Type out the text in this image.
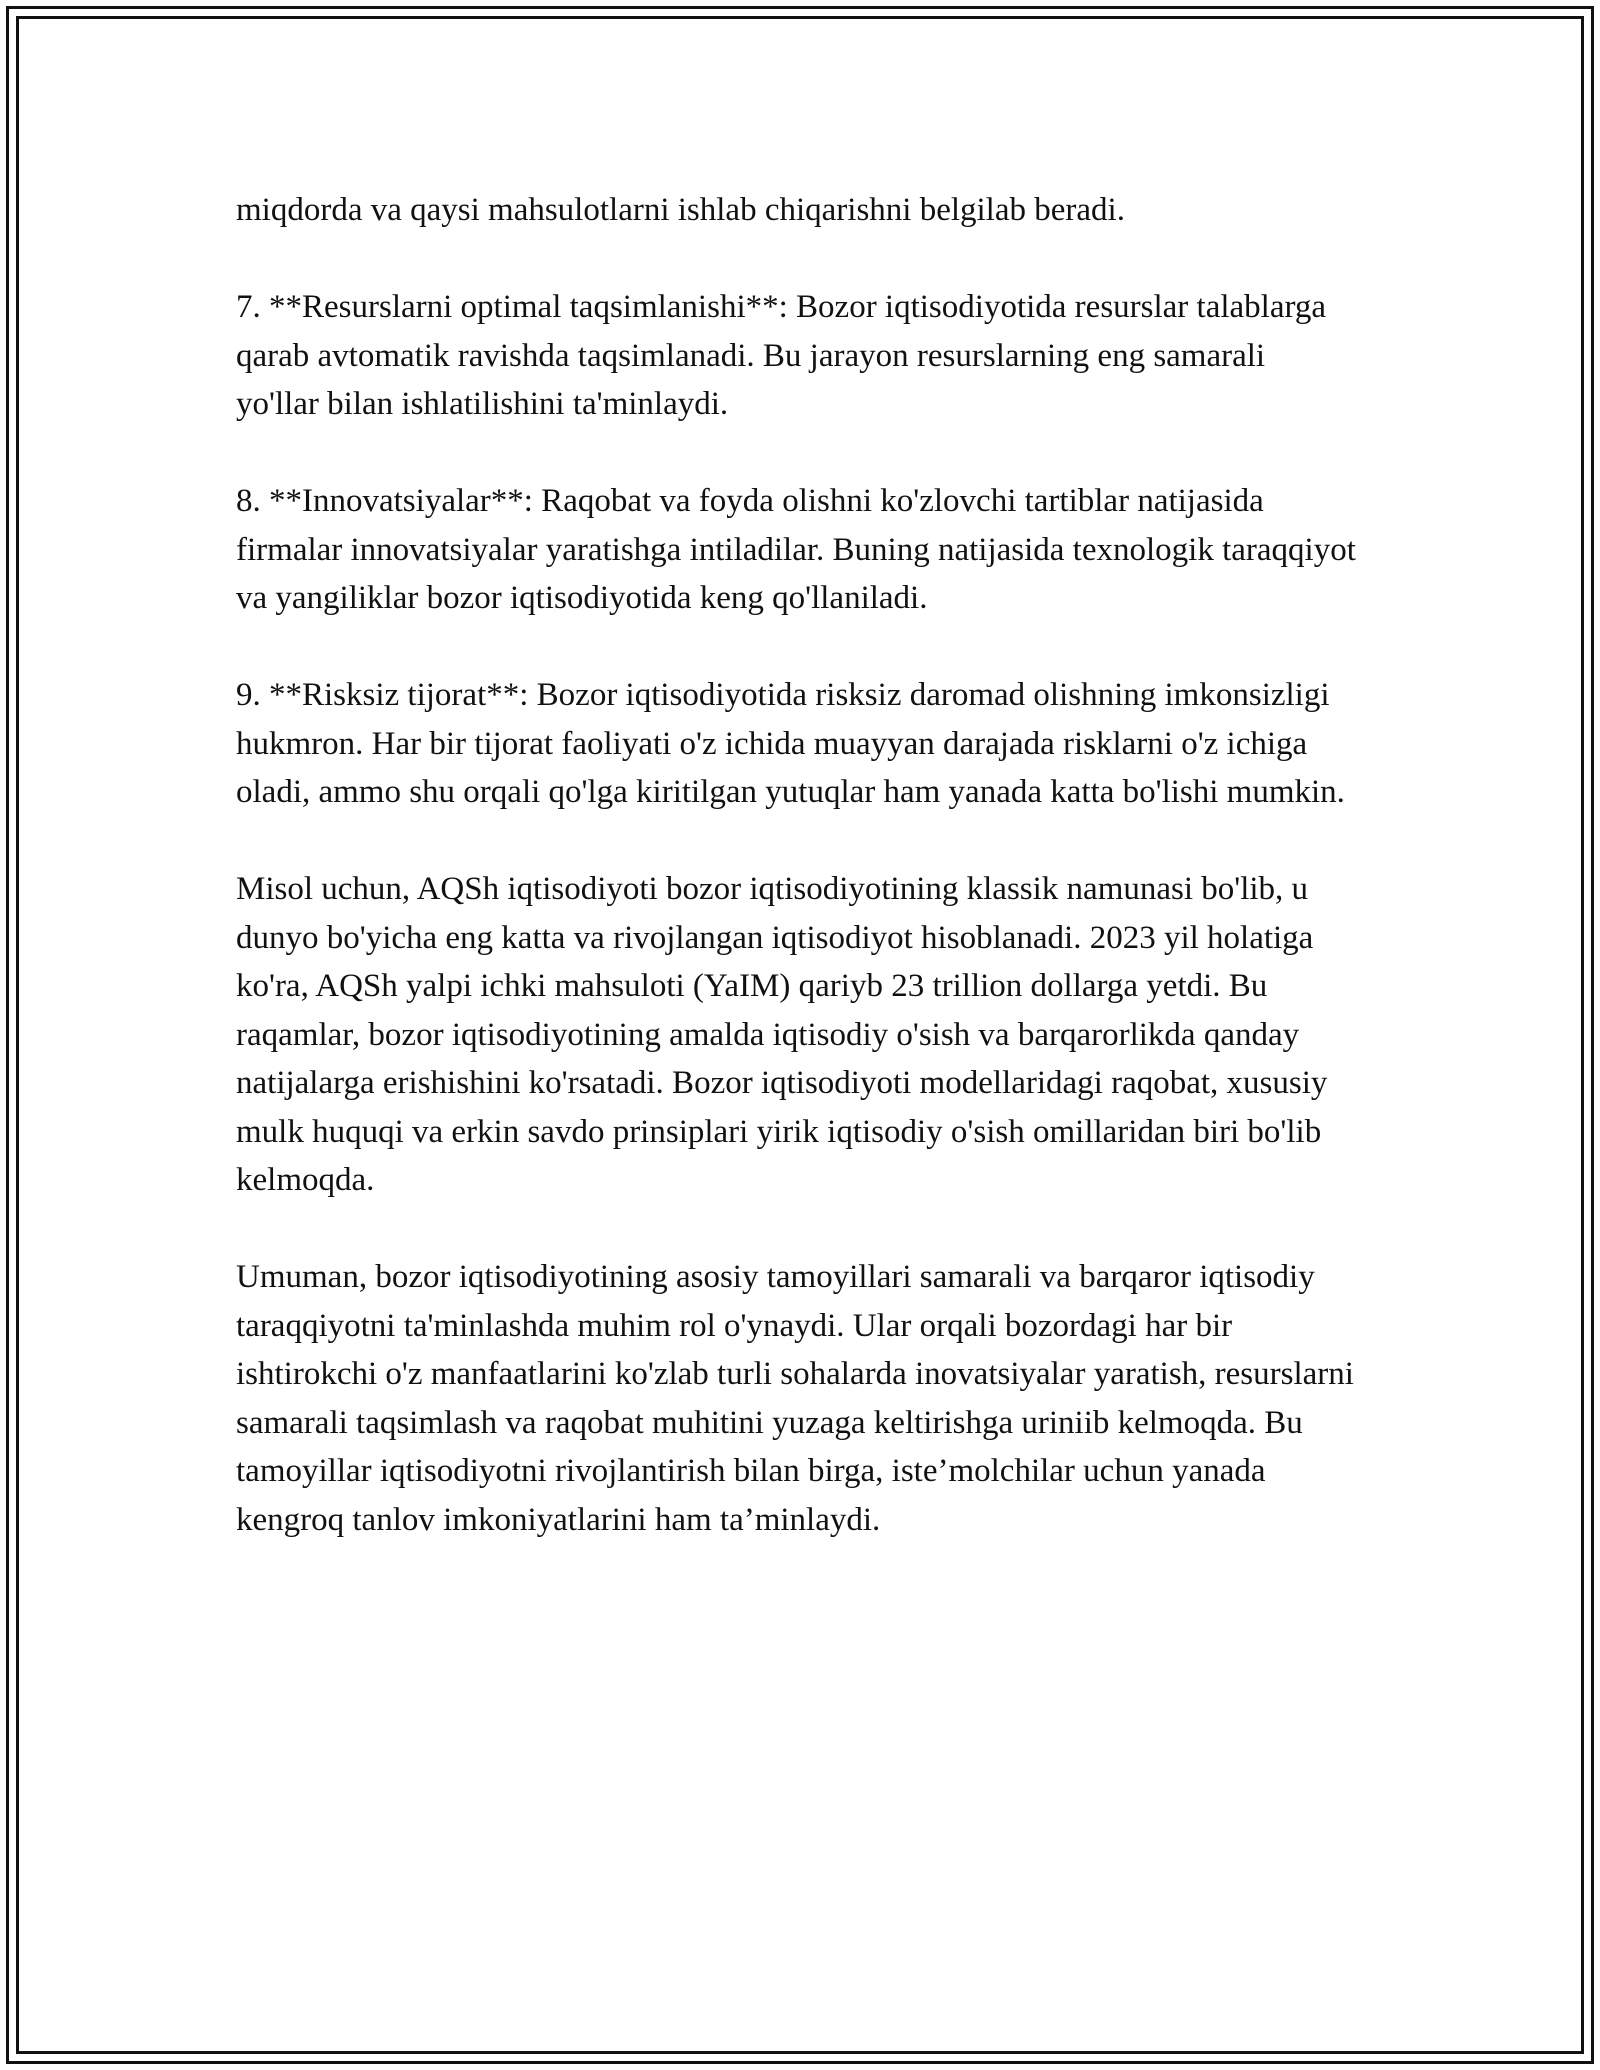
miqdorda va qaysi mahsulotlarni ishlab chiqarishni belgilab beradi.

7. **Resurslarni optimal taqsimlanishi**: Bozor iqtisodiyotida resurslar talablarga qarab avtomatik ravishda taqsimlanadi. Bu jarayon resurslarning eng samarali yo'llar bilan ishlatilishini ta'minlaydi.

8. **Innovatsiyalar**: Raqobat va foyda olishni ko'zlovchi tartiblar natijasida firmalar innovatsiyalar yaratishga intiladilar. Buning natijasida texnologik taraqqiyot va yangiliklar bozor iqtisodiyotida keng qo'llaniladi.

9. **Risksiz tijorat**: Bozor iqtisodiyotida risksiz daromad olishning imkonsizligi hukmron. Har bir tijorat faoliyati o'z ichida muayyan darajada risklarni o'z ichiga oladi, ammo shu orqali qo'lga kiritilgan yutuqlar ham yanada katta bo'lishi mumkin.

Misol uchun, AQSh iqtisodiyoti bozor iqtisodiyotining klassik namunasi bo'lib, u dunyo bo'yicha eng katta va rivojlangan iqtisodiyot hisoblanadi. 2023 yil holatiga ko'ra, AQSh yalpi ichki mahsuloti (YaIM) qariyb 23 trillion dollarga yetdi. Bu raqamlar, bozor iqtisodiyotining amalda iqtisodiy o'sish va barqarorlikda qanday natijalarga erishishini ko'rsatadi. Bozor iqtisodiyoti modellaridagi raqobat, xususiy mulk huquqi va erkin savdo prinsiplari yirik iqtisodiy o'sish omillaridan biri bo'lib kelmoqda.

Umuman, bozor iqtisodiyotining asosiy tamoyillari samarali va barqaror iqtisodiy taraqqiyotni ta'minlashda muhim rol o'ynaydi. Ular orqali bozordagi har bir ishtirokchi o'z manfaatlarini ko'zlab turli sohalarda inovatsiyalar yaratish, resurslarni samarali taqsimlash va raqobat muhitini yuzaga keltirishga uriniib kelmoqda. Bu tamoyillar iqtisodiyotni rivojlantirish bilan birga, iste’molchilar uchun yanada kengroq tanlov imkoniyatlarini ham ta’minlaydi.
